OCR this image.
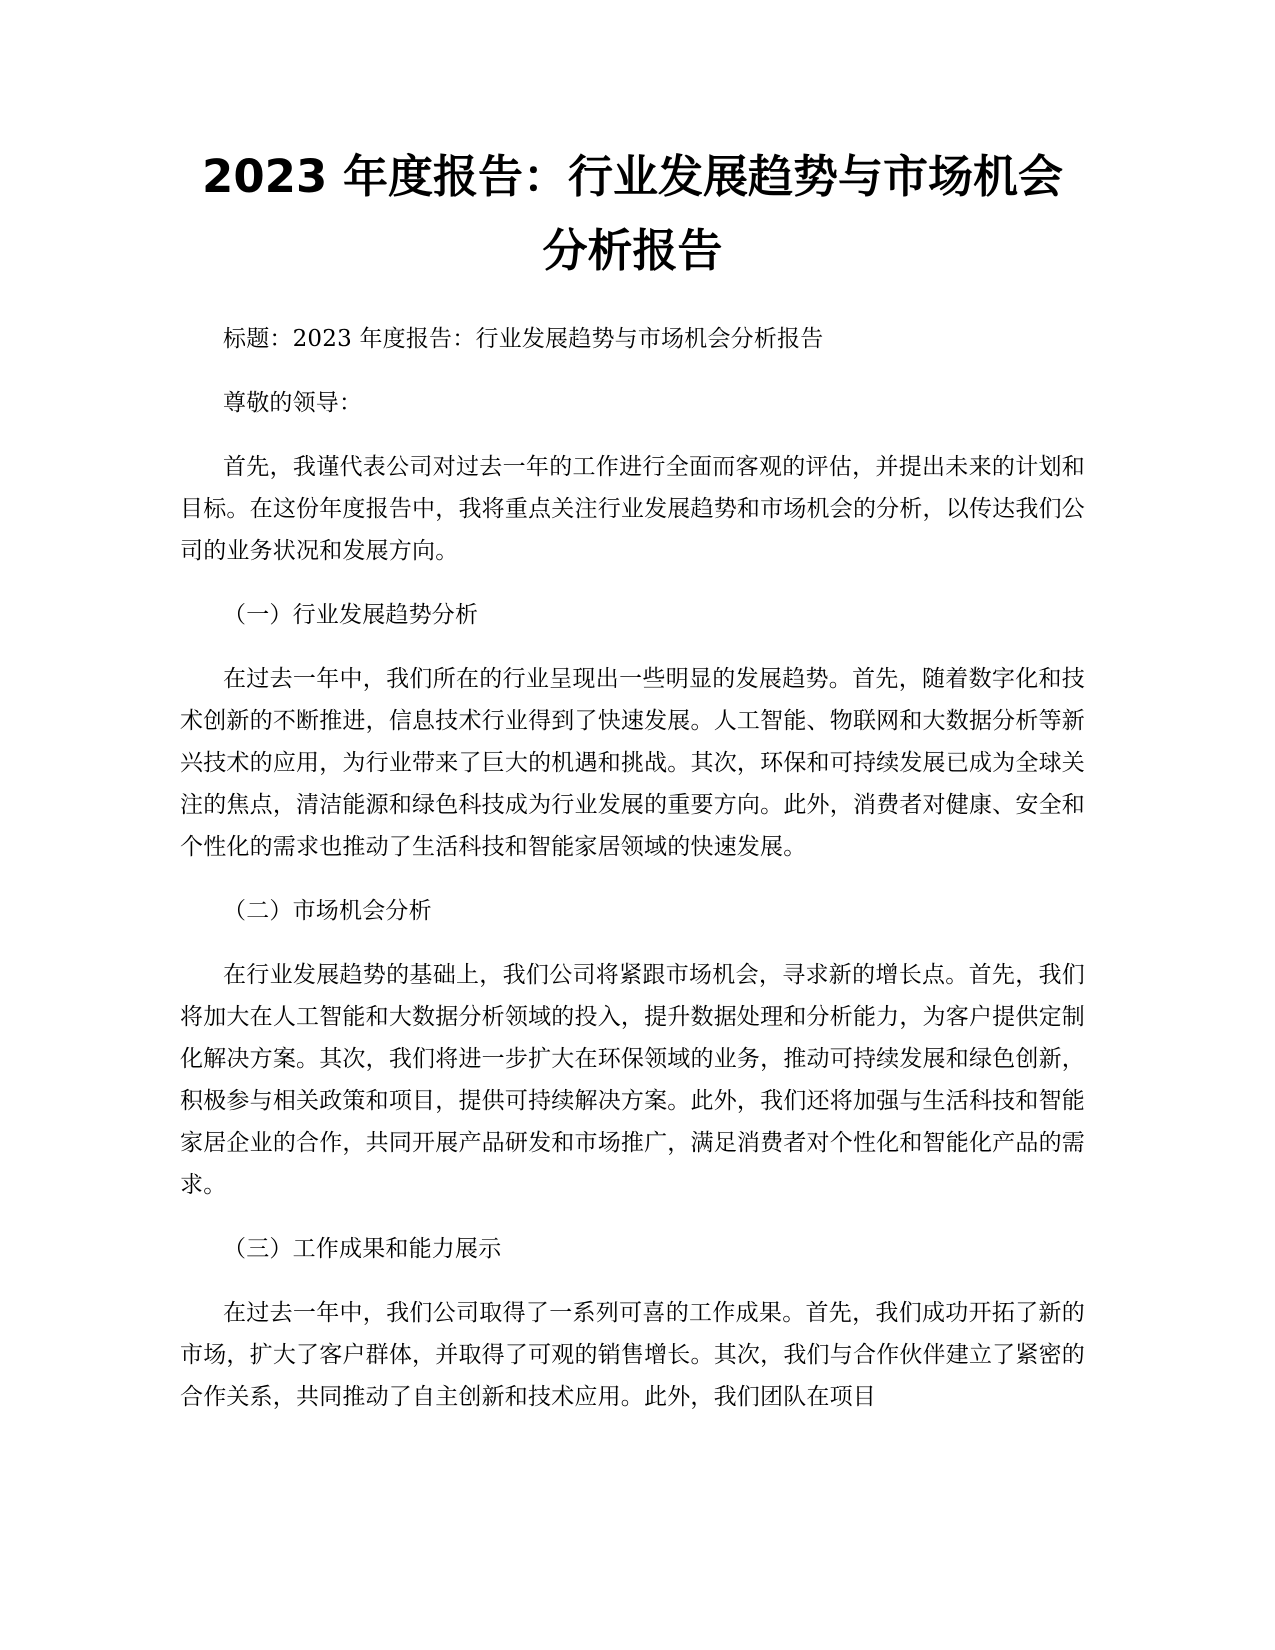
2023 年度报告：行业发展趋势与市场机会分析报告

标题：2023 年度报告：行业发展趋势与市场机会分析报告

尊敬的领导：

首先，我谨代表公司对过去一年的工作进行全面而客观的评估，并提出未来的计划和目标。在这份年度报告中，我将重点关注行业发展趋势和市场机会的分析，以传达我们公司的业务状况和发展方向。

（一）行业发展趋势分析

在过去一年中，我们所在的行业呈现出一些明显的发展趋势。首先，随着数字化和技术创新的不断推进，信息技术行业得到了快速发展。人工智能、物联网和大数据分析等新兴技术的应用，为行业带来了巨大的机遇和挑战。其次，环保和可持续发展已成为全球关注的焦点，清洁能源和绿色科技成为行业发展的重要方向。此外，消费者对健康、安全和个性化的需求也推动了生活科技和智能家居领域的快速发展。

（二）市场机会分析

在行业发展趋势的基础上，我们公司将紧跟市场机会，寻求新的增长点。首先，我们将加大在人工智能和大数据分析领域的投入，提升数据处理和分析能力，为客户提供定制化解决方案。其次，我们将进一步扩大在环保领域的业务，推动可持续发展和绿色创新，积极参与相关政策和项目，提供可持续解决方案。此外，我们还将加强与生活科技和智能家居企业的合作，共同开展产品研发和市场推广，满足消费者对个性化和智能化产品的需求。

（三）工作成果和能力展示

在过去一年中，我们公司取得了一系列可喜的工作成果。首先，我们成功开拓了新的市场，扩大了客户群体，并取得了可观的销售增长。其次，我们与合作伙伴建立了紧密的合作关系，共同推动了自主创新和技术应用。此外，我们团队在项目
